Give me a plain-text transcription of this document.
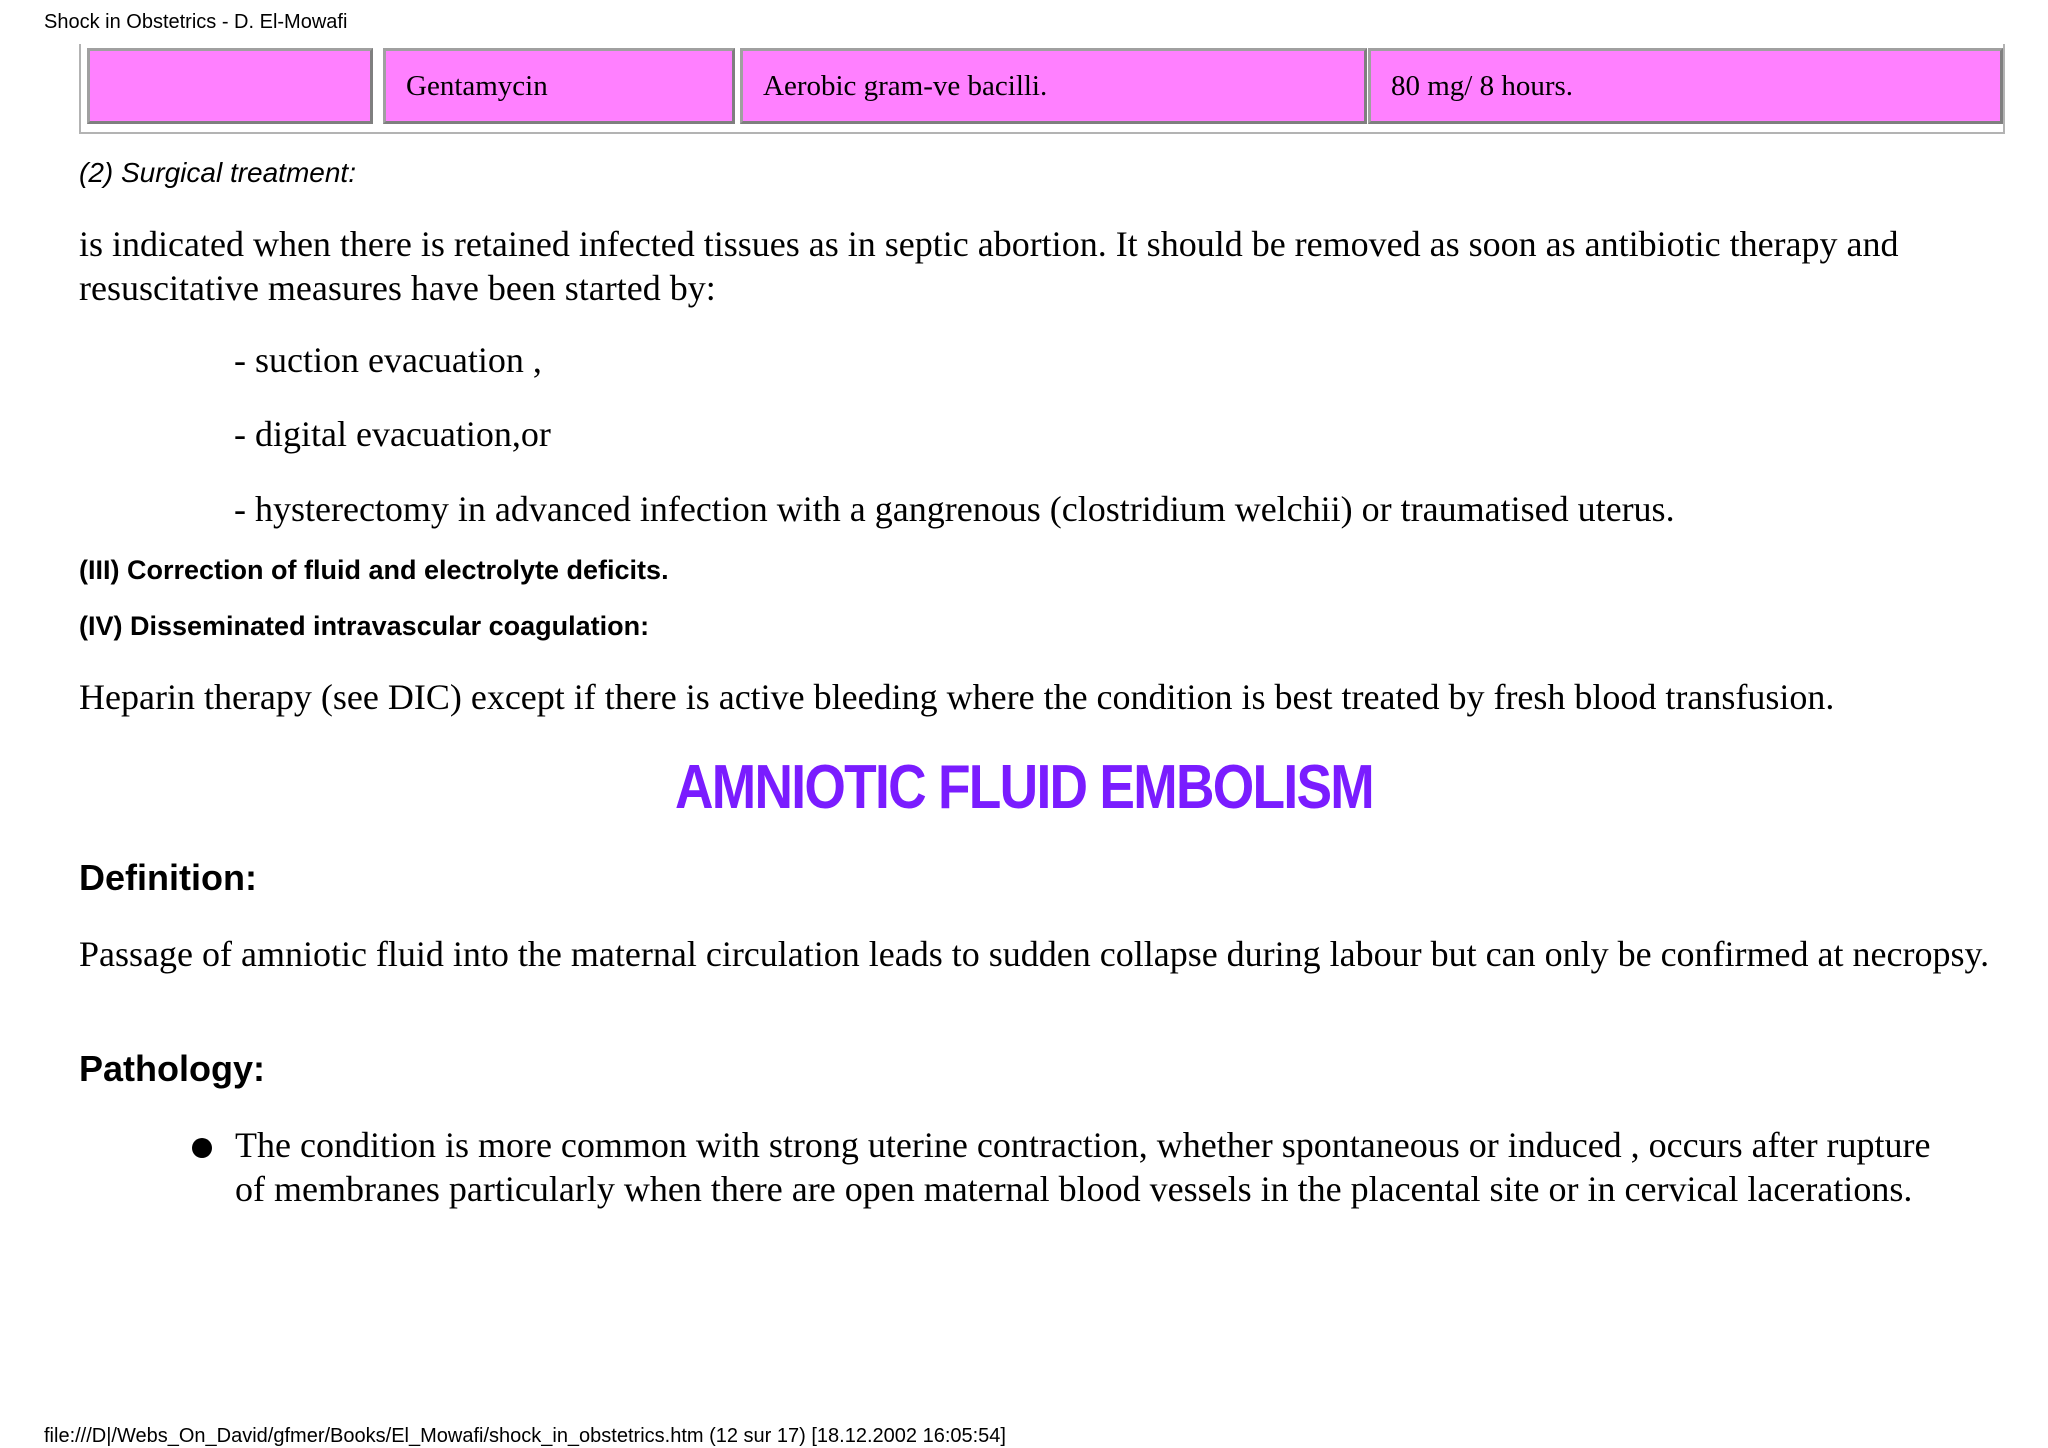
Shock in Obstetrics - D. El-Mowafi
Gentamycin	Aerobic gram-ve bacilli.	80 mg/ 8 hours.
(2) Surgical treatment:

is indicated when there is retained infected tissues as in septic abortion. It should be removed as soon as antibiotic therapy and resuscitative measures have been started by:

- suction evacuation ,
- digital evacuation,or
- hysterectomy in advanced infection with a gangrenous (clostridium welchii) or traumatised uterus.
(III) Correction of fluid and electrolyte deficits.
(IV) Disseminated intravascular coagulation:

Heparin therapy (see DIC) except if there is active bleeding where the condition is best treated by fresh blood transfusion.

AMNIOTIC FLUID EMBOLISM
Definition:

Passage of amniotic fluid into the maternal circulation leads to sudden collapse during labour but can only be confirmed at necropsy.

Pathology:

The condition is more common with strong uterine contraction, whether spontaneous or induced , occurs after rupture of membranes particularly when there are open maternal blood vessels in the placental site or in cervical lacerations.

file:///D|/Webs_On_David/gfmer/Books/El_Mowafi/shock_in_obstetrics.htm (12 sur 17) [18.12.2002 16:05:54]
